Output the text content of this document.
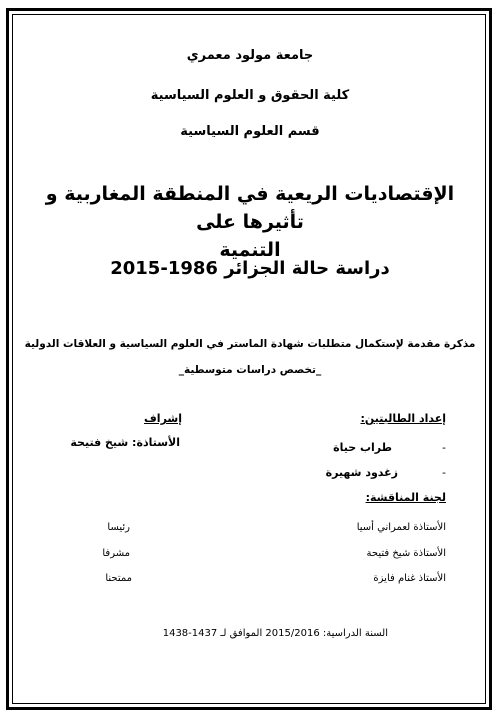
جامعة مولود معمري
كلية الحقوق و العلوم السياسية
قسم العلوم السياسية
الإقتصاديات الريعية في المنطقة المغاربية و تأثيرها على
التنمية
دراسة حالة الجزائر 1986-2015
مذكرة مقدمة لإستكمال متطلبات شهادة الماستر في العلوم السياسية و العلاقات الدولية
_تخصص دراسات متوسطية_
إعداد الطالبتين:
-
طراب حياة
-
زغدود شهيرة
إشراف
الأستاذة: شيخ فتيحة
لجنة المناقشة:
الأستاذة لعمراني أسيا
رئيسا
الأستاذة شيخ فتيحة
مشرفا
الأستاذ غنام فايزة
ممتحنا
السنة الدراسية: 2015/2016 الموافق لـ 1437-1438
